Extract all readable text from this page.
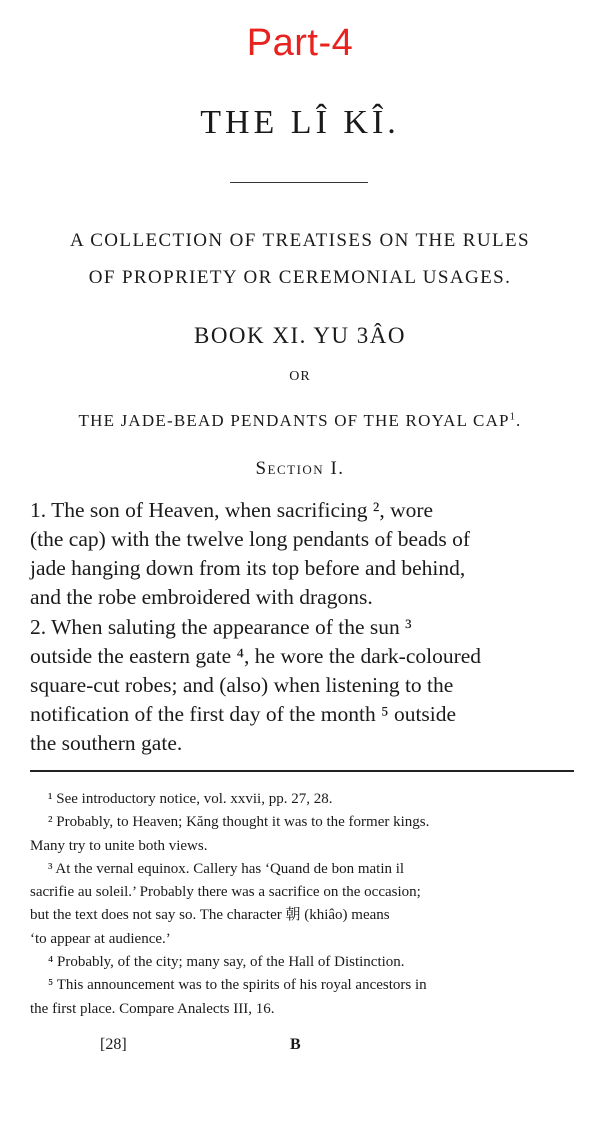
Part-4
THE LÎ KÎ.
A COLLECTION OF TREATISES ON THE RULES
OF PROPRIETY OR CEREMONIAL USAGES.
BOOK XI. YU 3ÂO
OR
THE JADE-BEAD PENDANTS OF THE ROYAL CAP$^1$.
Section I.

1. The son of Heaven, when sacrificing ², wore

(the cap) with the twelve long pendants of beads of

jade hanging down from its top before and behind,

and the robe embroidered with dragons.

2. When saluting the appearance of the sun ³

outside the eastern gate ⁴, he wore the dark-coloured

square-cut robes; and (also) when listening to the

notification of the first day of the month ⁵ outside

the southern gate.

¹ See introductory notice, vol. xxvii, pp. 27, 28.

² Probably, to Heaven; Kăng thought it was to the former kings.

Many try to unite both views.

³ At the vernal equinox. Callery has ‘Quand de bon matin il

sacrifie au soleil.’ Probably there was a sacrifice on the occasion;

but the text does not say so. The character 朝 (khiâo) means

‘to appear at audience.’

⁴ Probably, of the city; many say, of the Hall of Distinction.

⁵ This announcement was to the spirits of his royal ancestors in

the first place. Compare Analects III, 16.

[28]	B
